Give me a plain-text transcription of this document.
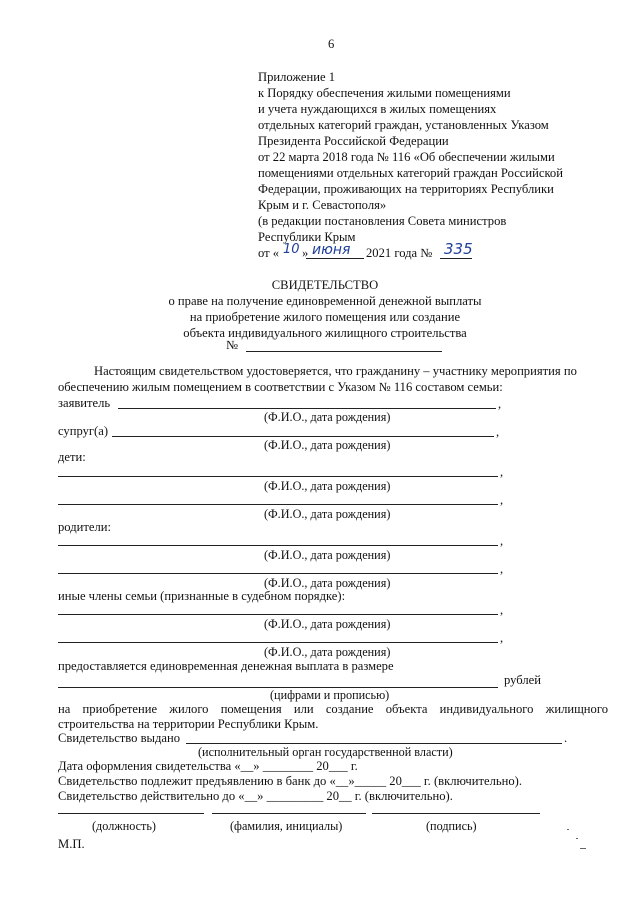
6
Приложение 1
к Порядку обеспечения жилыми помещениями
и учета нуждающихся в жилых помещениях
отдельных категорий граждан, установленных Указом
Президента Российской Федерации
от 22 марта 2018 года № 116 «Об обеспечении жилыми
помещениями отдельных категорий граждан Российской
Федерации, проживающих на территориях Республики
Крым и г. Севастополя»
(в редакции постановления Совета министров
Республики Крым
от « 10 » июня 2021 года № 335
СВИДЕТЕЛЬСТВО
о праве на получение единовременной денежной выплаты
на приобретение жилого помещения или создание
объекта индивидуального жилищного строительства
№
Настоящим свидетельством удостоверяется, что гражданину – участнику мероприятия по
обеспечению жилым помещением в соответствии с Указом № 116 составом семьи:
заявитель	,
(Ф.И.О., дата рождения)
супруг(а)	,
(Ф.И.О., дата рождения)
дети:
,
(Ф.И.О., дата рождения)
,
(Ф.И.О., дата рождения)
родители:
,
(Ф.И.О., дата рождения)
,
(Ф.И.О., дата рождения)
иные члены семьи (признанные в судебном порядке):
,
(Ф.И.О., дата рождения)
,
(Ф.И.О., дата рождения)
предоставляется единовременная денежная выплата в размере
рублей
(цифрами и прописью)
на приобретение жилого помещения или создание объекта индивидуального жилищного
строительства на территории Республики Крым.
Свидетельство выдано	.
(исполнительный орган государственной власти)
Дата оформления свидетельства «__» ________ 20___ г.
Свидетельство подлежит предъявлению в банк до «__»_____ 20___ г. (включительно).
Свидетельство действительно до «__» _________ 20__ г. (включительно).
(должность)	(фамилия, инициалы)	(подпись)
М.П.
